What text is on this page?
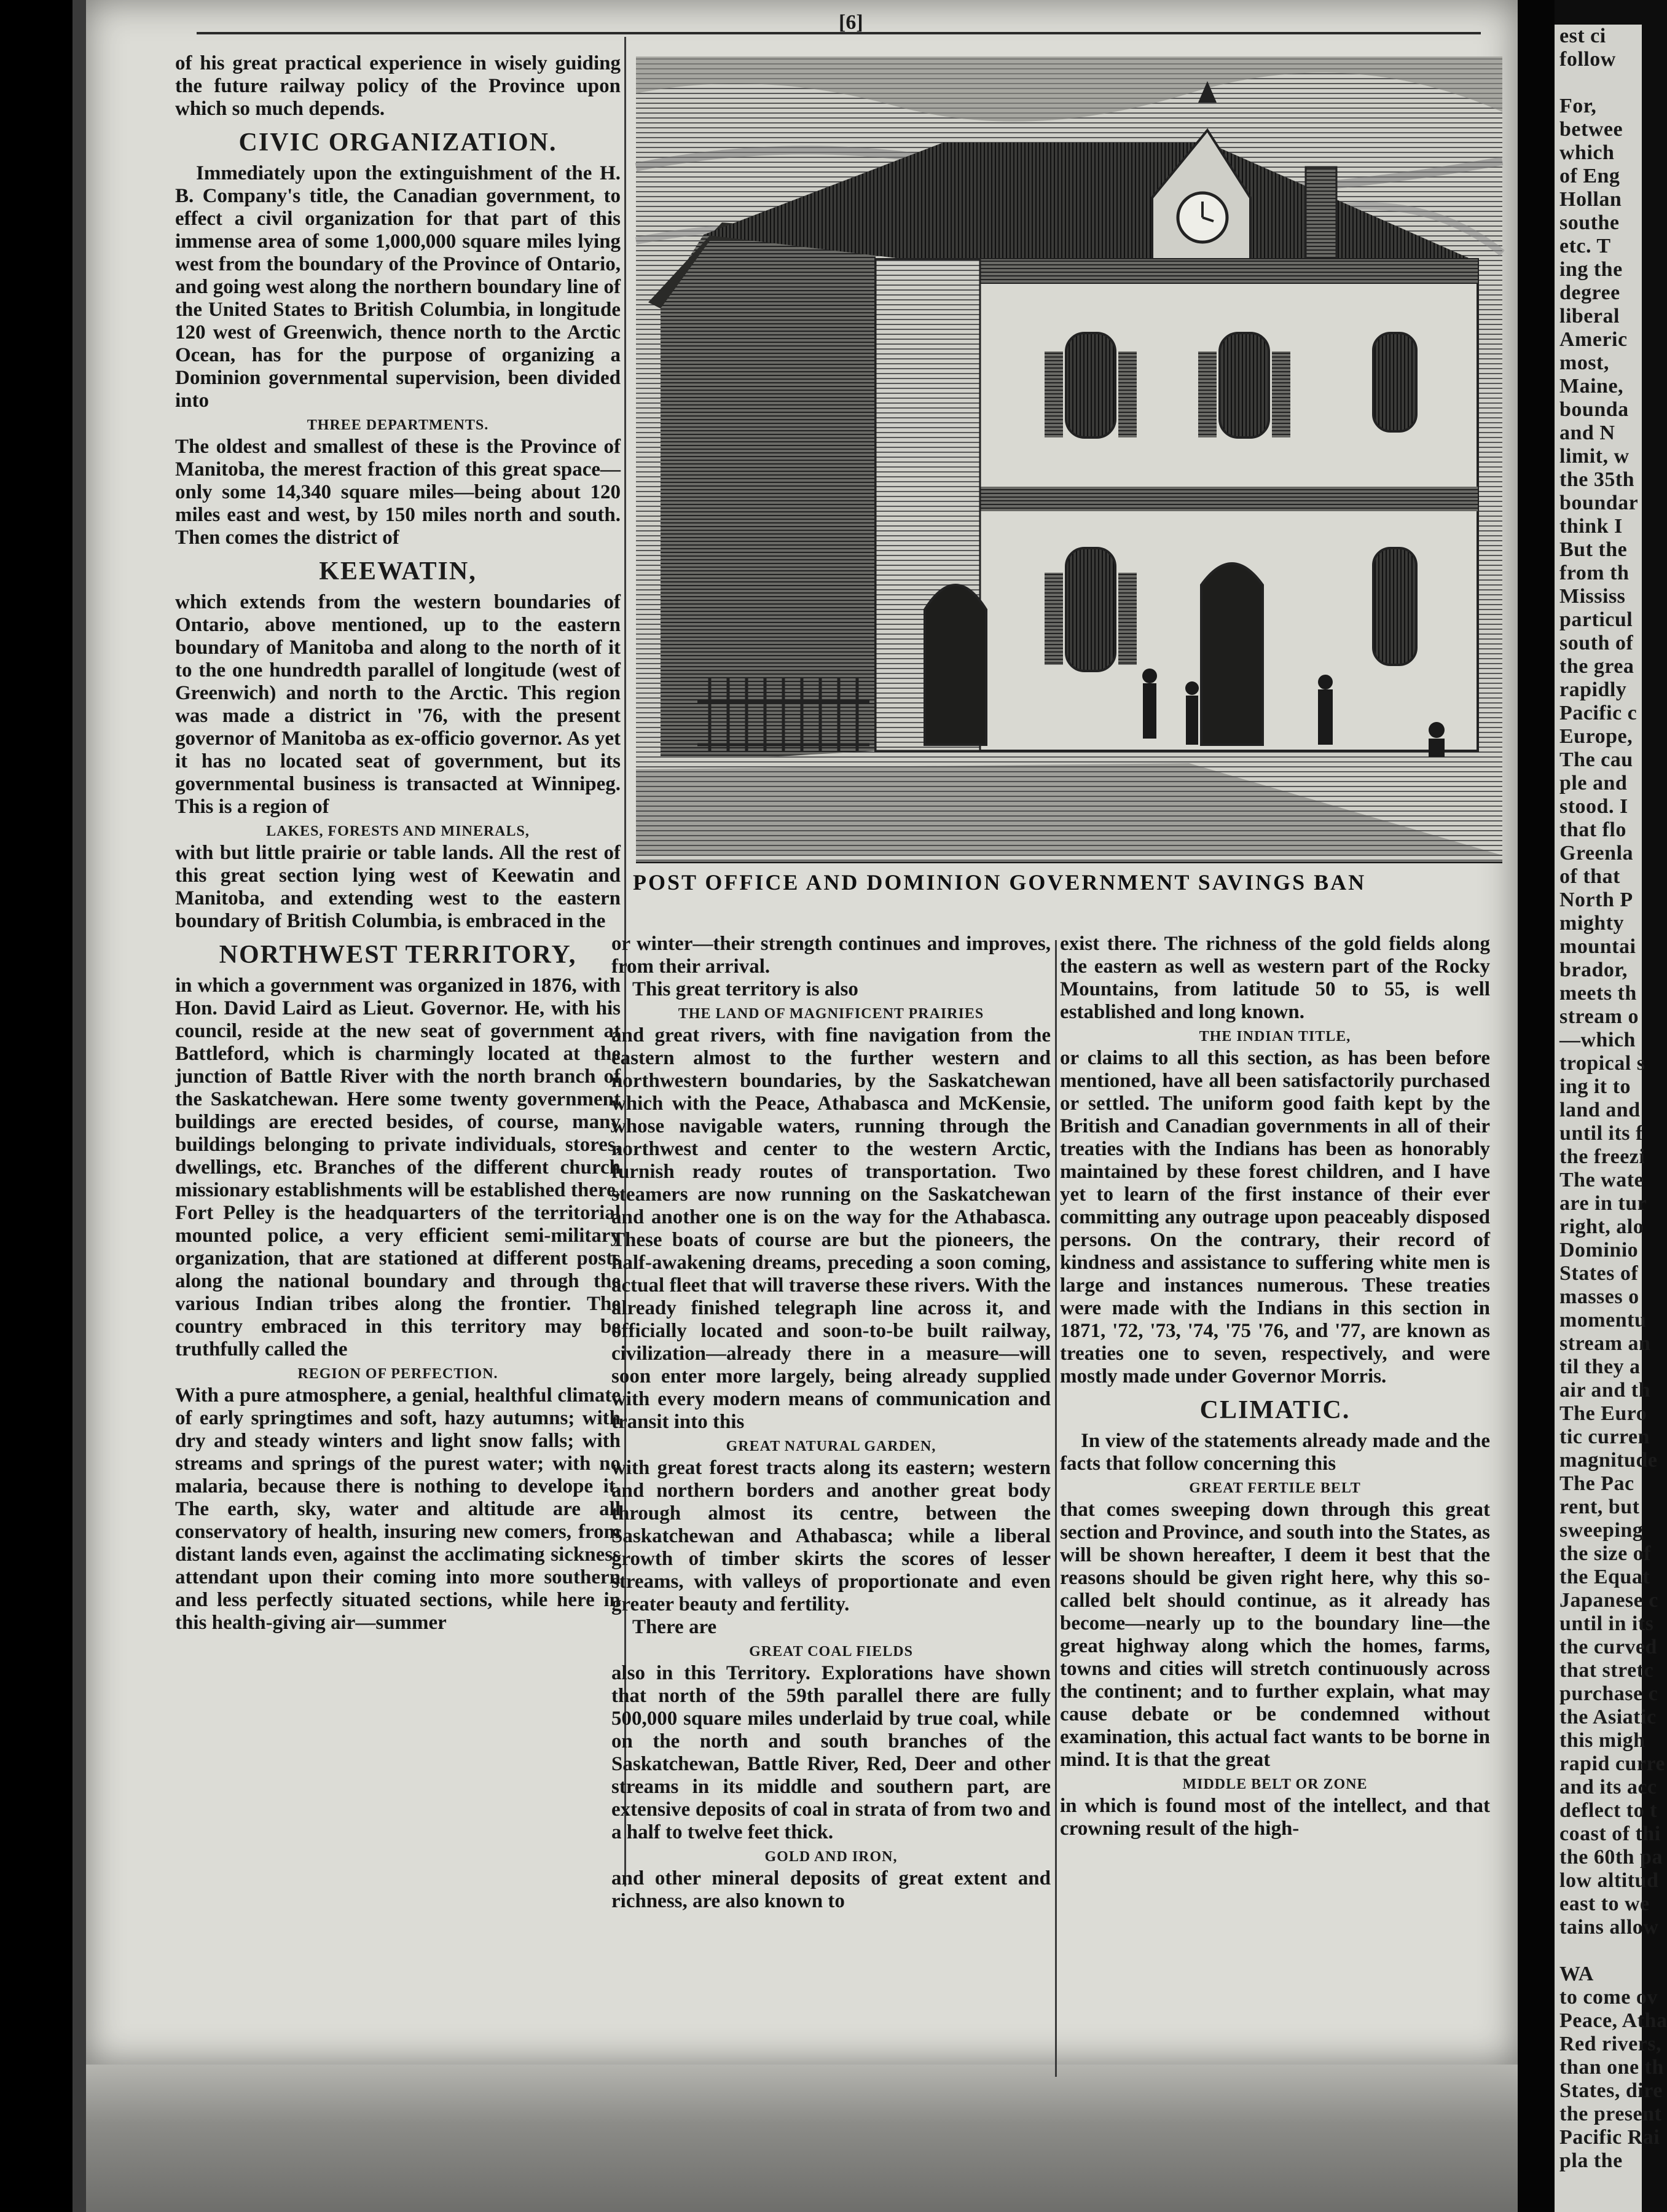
est ci
follow

For,
betwee
which
of Eng
Hollan
southe
etc. T
ing the
degree
liberal
Americ
most,
Maine,
bounda
and N
limit, w
the 35th
boundar
think I
But the
from th
Mississ
particul
south of
the grea
rapidly
Pacific c
Europe,
The cau
ple and
stood. I
that flo
Greenla
of that
North P
mighty
mountai
brador,
meets th
stream o
—which
tropical s
ing it to
land and
until its f
the freezi
The wate
are in tur
right, alo
Dominio
States of
masses o
momentu
stream an
til they a
air and th
The Euro
tic curren
magnitude
The Pac
rent, but
sweeping
the size of
the Equat
Japanese c
until in its
the curved
that stretc
purchase c
the Asiatic
this migh
rapid curre
and its acc
deflect to t
coast of thi
the 60th pa
low altitud
east to we
tains allow

WA
to come ov
Peace, Atha
Red rivers,
than one th
States, dire
the present
Pacific Rai
pla the
[6]

of his great practical experience in wisely guiding the future railway policy of the Province upon which so much depends.

CIVIC ORGANIZATION.

Immediately upon the extinguishment of the H. B. Company's title, the Canadian government, to effect a civil organization for that part of this immense area of some 1,000,000 square miles lying west from the boundary of the Province of Ontario, and going west along the northern boundary line of the United States to British Columbia, in longitude 120 west of Greenwich, thence north to the Arctic Ocean, has for the purpose of organizing a Dominion governmental supervision, been divided into

THREE DEPARTMENTS.

The oldest and smallest of these is the Province of Manitoba, the merest fraction of this great space—only some 14,340 square miles—being about 120 miles east and west, by 150 miles north and south. Then comes the district of

KEEWATIN,

which extends from the western boundaries of Ontario, above mentioned, up to the eastern boundary of Manitoba and along to the north of it to the one hundredth parallel of longitude (west of Greenwich) and north to the Arctic. This region was made a district in '76, with the present governor of Manitoba as ex-officio governor. As yet it has no located seat of government, but its governmental business is transacted at Winnipeg. This is a region of

LAKES, FORESTS AND MINERALS,

with but little prairie or table lands. All the rest of this great section lying west of Keewatin and Manitoba, and extending west to the eastern boundary of British Columbia, is embraced in the

NORTHWEST TERRITORY,

in which a government was organized in 1876, with Hon. David Laird as Lieut. Governor. He, with his council, reside at the new seat of government at Battleford, which is charmingly located at the junction of Battle River with the north branch of the Saskatchewan. Here some twenty government buildings are erected besides, of course, many buildings belonging to private individuals, stores, dwellings, etc. Branches of the different church missionary establishments will be established there. Fort Pelley is the headquarters of the territorial mounted police, a very efficient semi-military organization, that are stationed at different posts along the national boundary and through the various Indian tribes along the frontier. The country embraced in this territory may be truthfully called the

REGION OF PERFECTION.

With a pure atmosphere, a genial, healthful climate of early springtimes and soft, hazy autumns; with dry and steady winters and light snow falls; with streams and springs of the purest water; with no malaria, because there is nothing to develope it. The earth, sky, water and altitude are all conservatory of health, insuring new comers, from distant lands even, against the acclimating sickness attendant upon their coming into more southern and less perfectly situated sections, while here in this health-giving air—summer

POST OFFICE AND DOMINION GOVERNMENT SAVINGS BAN

or winter—their strength continues and improves, from their arrival.

This great territory is also

THE LAND OF MAGNIFICENT PRAIRIES

and great rivers, with fine navigation from the eastern almost to the further western and northwestern boundaries, by the Saskatchewan which with the Peace, Athabasca and McKensie, whose navigable waters, running through the northwest and center to the western Arctic, furnish ready routes of transportation. Two steamers are now running on the Saskatchewan and another one is on the way for the Athabasca. These boats of course are but the pioneers, the half-awakening dreams, preceding a soon coming, actual fleet that will traverse these rivers. With the already finished telegraph line across it, and officially located and soon-to-be built railway, civilization—already there in a measure—will soon enter more largely, being already supplied with every modern means of communication and transit into this

GREAT NATURAL GARDEN,

with great forest tracts along its eastern; western and northern borders and another great body through almost its centre, between the Saskatchewan and Athabasca; while a liberal growth of timber skirts the scores of lesser streams, with valleys of proportionate and even greater beauty and fertility.

There are

GREAT COAL FIELDS

also in this Territory. Explorations have shown that north of the 59th parallel there are fully 500,000 square miles underlaid by true coal, while on the north and south branches of the Saskatchewan, Battle River, Red, Deer and other streams in its middle and southern part, are extensive deposits of coal in strata of from two and a half to twelve feet thick.

GOLD AND IRON,

and other mineral deposits of great extent and richness, are also known to

exist there. The richness of the gold fields along the eastern as well as western part of the Rocky Mountains, from latitude 50 to 55, is well established and long known.

THE INDIAN TITLE,

or claims to all this section, as has been before mentioned, have all been satisfactorily purchased or settled. The uniform good faith kept by the British and Canadian governments in all of their treaties with the Indians has been as honorably maintained by these forest children, and I have yet to learn of the first instance of their ever committing any outrage upon peaceably disposed persons. On the contrary, their record of kindness and assistance to suffering white men is large and instances numerous. These treaties were made with the Indians in this section in 1871, '72, '73, '74, '75 '76, and '77, are known as treaties one to seven, respectively, and were mostly made under Governor Morris.

CLIMATIC.

In view of the statements already made and the facts that follow concerning this

GREAT FERTILE BELT

that comes sweeping down through this great section and Province, and south into the States, as will be shown hereafter, I deem it best that the reasons should be given right here, why this so-called belt should continue, as it already has become—nearly up to the boundary line—the great highway along which the homes, farms, towns and cities will stretch continuously across the continent; and to further explain, what may cause debate or be condemned without examination, this actual fact wants to be borne in mind. It is that the great

MIDDLE BELT OR ZONE

in which is found most of the intellect, and that crowning result of the high-
